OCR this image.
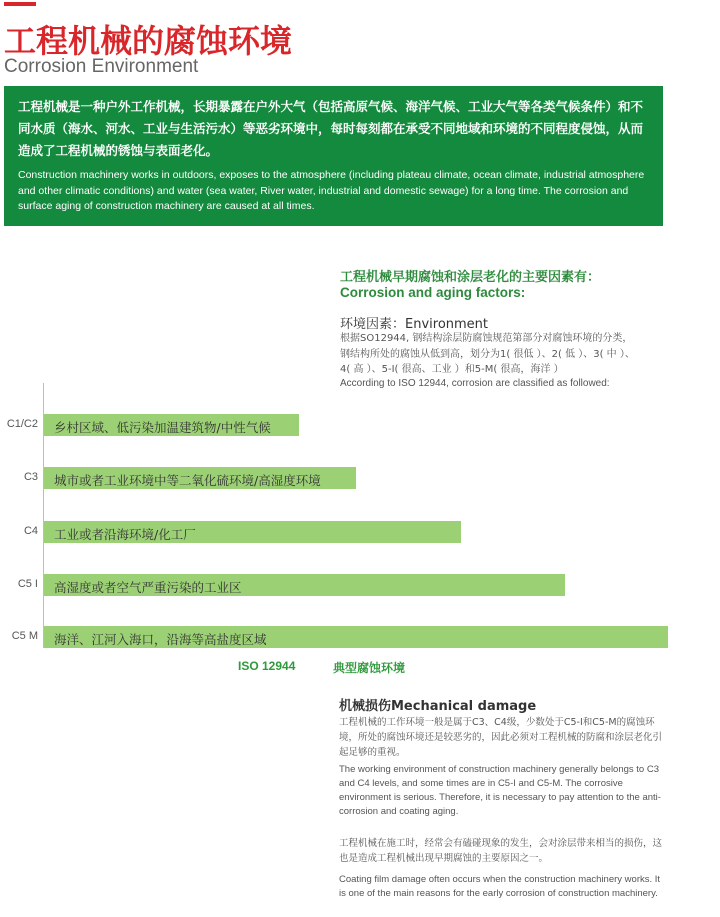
工程机械的腐蚀环境
Corrosion Environment
工程机械是一种户外工作机械，长期暴露在户外大气（包括高原气候、海洋气候、工业大气等各类气候条件）和不同水质（海水、河水、工业与生活污水）等恶劣环境中，每时每刻都在承受不同地域和环境的不同程度侵蚀，从而造成了工程机械的锈蚀与表面老化。
Construction machinery works in outdoors, exposes to the atmosphere (including plateau climate, ocean climate, industrial atmosphere and other climatic conditions) and water (sea water, River water, industrial and domestic sewage) for a long time. The corrosion and surface aging of construction machinery are caused at all times.
工程机械早期腐蚀和涂层老化的主要因素有：
Corrosion and aging factors:
环境因素：Environment
根据SO12944, 钢结构涂层防腐蚀规范第部分对腐蚀环境的分类，钢结构所处的腐蚀从低到高，划分为1( 很低 ）、2( 低 ）、3( 中 ）、4( 高 ）、5-I( 很高、工业 ）和5-M( 很高，海洋 ）
According to ISO 12944, corrosion are classified as followed:
C1/C2 乡村区域、低污染加温建筑物/中性气候
C3 城市或者工业环境中等二氧化硫环境/高湿度环境
C4 工业或者沿海环境/化工厂
C5 I 高湿度或者空气严重污染的工业区
C5 M 海洋、江河入海口，沿海等高盐度区域
ISO 12944	典型腐蚀环境
机械损伤Mechanical damage
工程机械的工作环境一般是属于C3、C4级，少数处于C5-I和C5-M的腐蚀环境，所处的腐蚀环境还是较恶劣的，因此必须对工程机械的防腐和涂层老化引起足够的重视。
The working environment of construction machinery generally belongs to C3 and C4 levels, and some times are in C5-I and C5-M. The corrosive environment is serious. Therefore, it is necessary to pay attention to the anti-corrosion and coating aging.
工程机械在施工时，经常会有磕碰现象的发生，会对涂层带来相当的损伤，这也是造成工程机械出现早期腐蚀的主要原因之一。
Coating film damage often occurs when the construction machinery works. It is one of the main reasons for the early corrosion of construction machinery.
